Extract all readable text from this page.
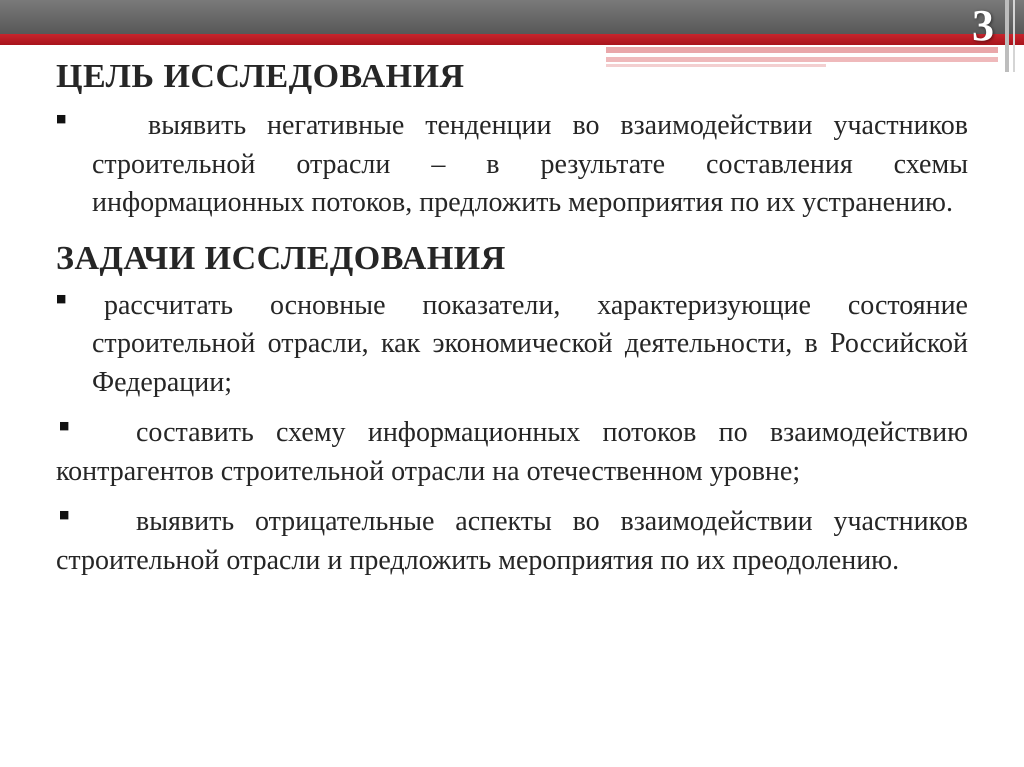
3
ЦЕЛЬ ИССЛЕДОВАНИЯ
■	выявить негативные тенденции во взаимодействии участников строительной отрасли – в результате составления схемы информационных потоков, предложить мероприятия по их устранению.
ЗАДАЧИ ИССЛЕДОВАНИЯ
■ рассчитать основные показатели, характеризующие состояние строительной отрасли, как экономической деятельности, в Российской Федерации;
■ составить схему информационных потоков по взаимодействию контрагентов строительной отрасли на отечественном уровне;
■ выявить отрицательные аспекты во взаимодействии участников строительной отрасли и предложить мероприятия по их преодолению.
